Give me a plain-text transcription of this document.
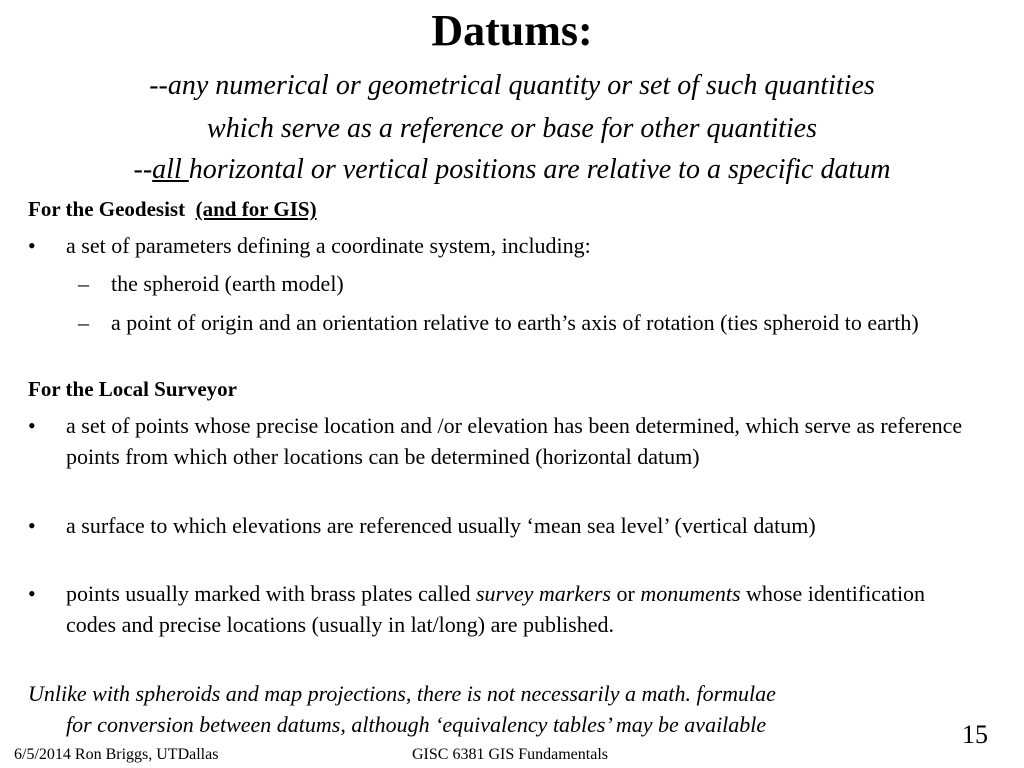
Datums:
--any numerical or geometrical quantity or set of such quantities
which serve as a reference or base for other quantities
--all horizontal or vertical positions are relative to a specific datum
For the Geodesist (and for GIS)
• a set of parameters defining a coordinate system, including:
– the spheroid (earth model)
– a point of origin and an orientation relative to earth’s axis of rotation (ties spheroid to earth)
For the Local Surveyor
• a set of points whose precise location and /or elevation has been determined, which serve as reference points from which other locations can be determined (horizontal datum)
• a surface to which elevations are referenced usually ‘mean sea level’ (vertical datum)
• points usually marked with brass plates called survey markers or monuments whose identification codes and precise locations (usually in lat/long) are published.
Unlike with spheroids and map projections, there is not necessarily a math. formulae
for conversion between datums, although ‘equivalency tables’ may be available
6/5/2014 Ron Briggs, UTDallas	GISC 6381 GIS Fundamentals
15
